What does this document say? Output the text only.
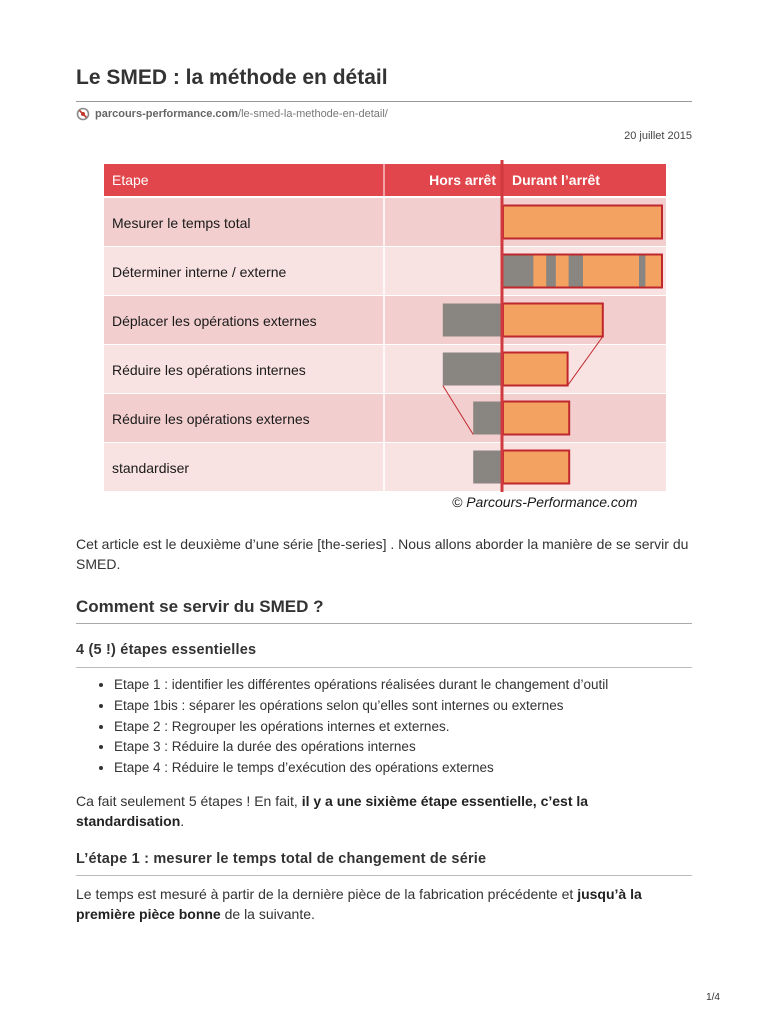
Le SMED : la méthode en détail
parcours-performance.com /le-smed-la-methode-en-detail/
20 juillet 2015
Etape	Hors arrêt Durant l’arrêt
Mesurer le temps total
Déterminer interne / externe
Déplacer les opérations externes
Réduire les opérations internes
Réduire les opérations externes
standardiser
© Parcours-Performance.com

Cet article est le deuxième d’une série [the-series] . Nous allons aborder la manière de se servir du SMED.

Comment se servir du SMED ?
4 (5 !) étapes essentielles
• Etape 1 : identifier les différentes opérations réalisées durant le changement d’outil
• Etape 1bis : séparer les opérations selon qu’elles sont internes ou externes
• Etape 2 : Regrouper les opérations internes et externes.
• Etape 3 : Réduire la durée des opérations internes
• Etape 4 : Réduire le temps d’exécution des opérations externes

Ca fait seulement 5 étapes ! En fait, il y a une sixième étape essentielle, c’est la standardisation.

L’étape 1 : mesurer le temps total de changement de série

Le temps est mesuré à partir de la dernière pièce de la fabrication précédente et jusqu’à la première pièce bonne de la suivante.

1/4
